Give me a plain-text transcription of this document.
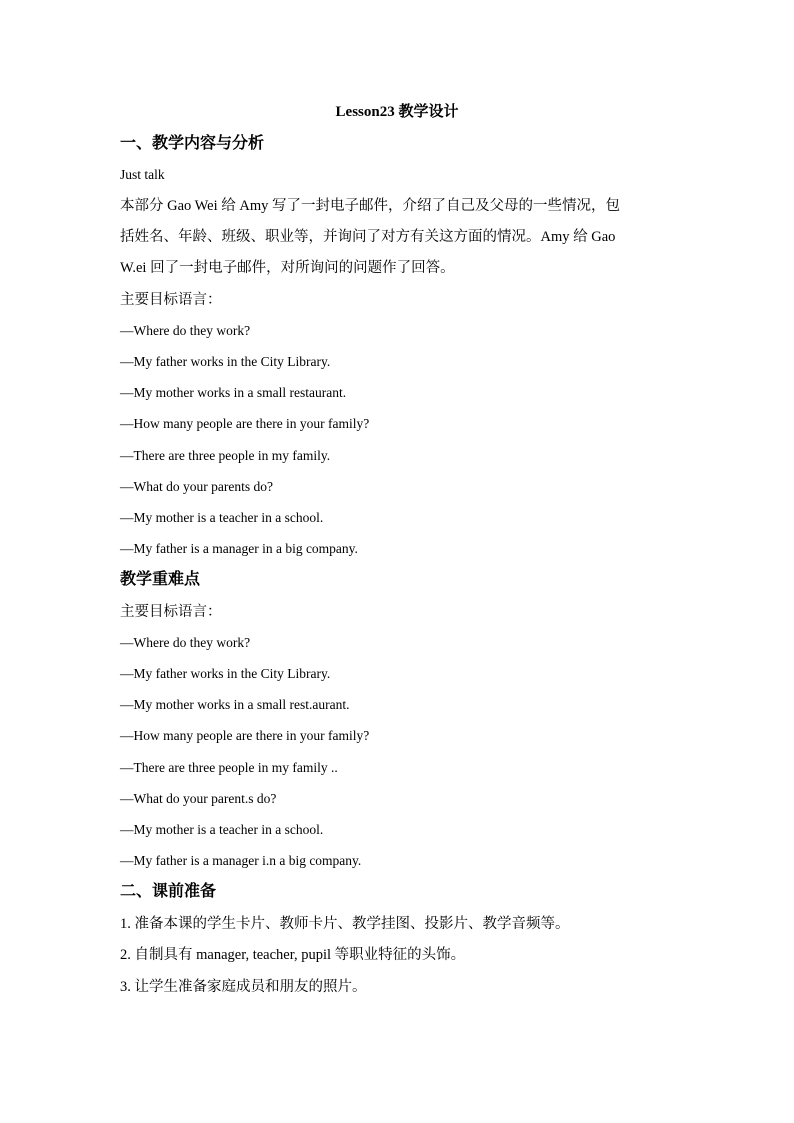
Lesson23 教学设计
一、教学内容与分析
Just talk
本部分 Gao Wei 给 Amy 写了一封电子邮件，介绍了自己及父母的一些情况，包
括姓名、年龄、班级、职业等，并询问了对方有关这方面的情况。Amy 给 Gao
W.ei 回了一封电子邮件，对所询问的问题作了回答。
主要目标语言：
—Where do they work?
—My father works in the City Library.
—My mother works in a small restaurant.
—How many people are there in your family?
—There are three people in my family.
—What do your parents do?
—My mother is a teacher in a school.
—My father is a manager in a big company.
教学重难点
主要目标语言：
—Where do they work?
—My father works in the City Library.
—My mother works in a small rest.aurant.
—How many people are there in your family?
—There are three people in my family ..
—What do your parent.s do?
—My mother is a teacher in a school.
—My father is a manager i.n a big company.
二、课前准备
1. 准备本课的学生卡片、教师卡片、教学挂图、投影片、教学音频等。
2. 自制具有 manager, teacher, pupil 等职业特征的头饰。
3. 让学生准备家庭成员和朋友的照片。
